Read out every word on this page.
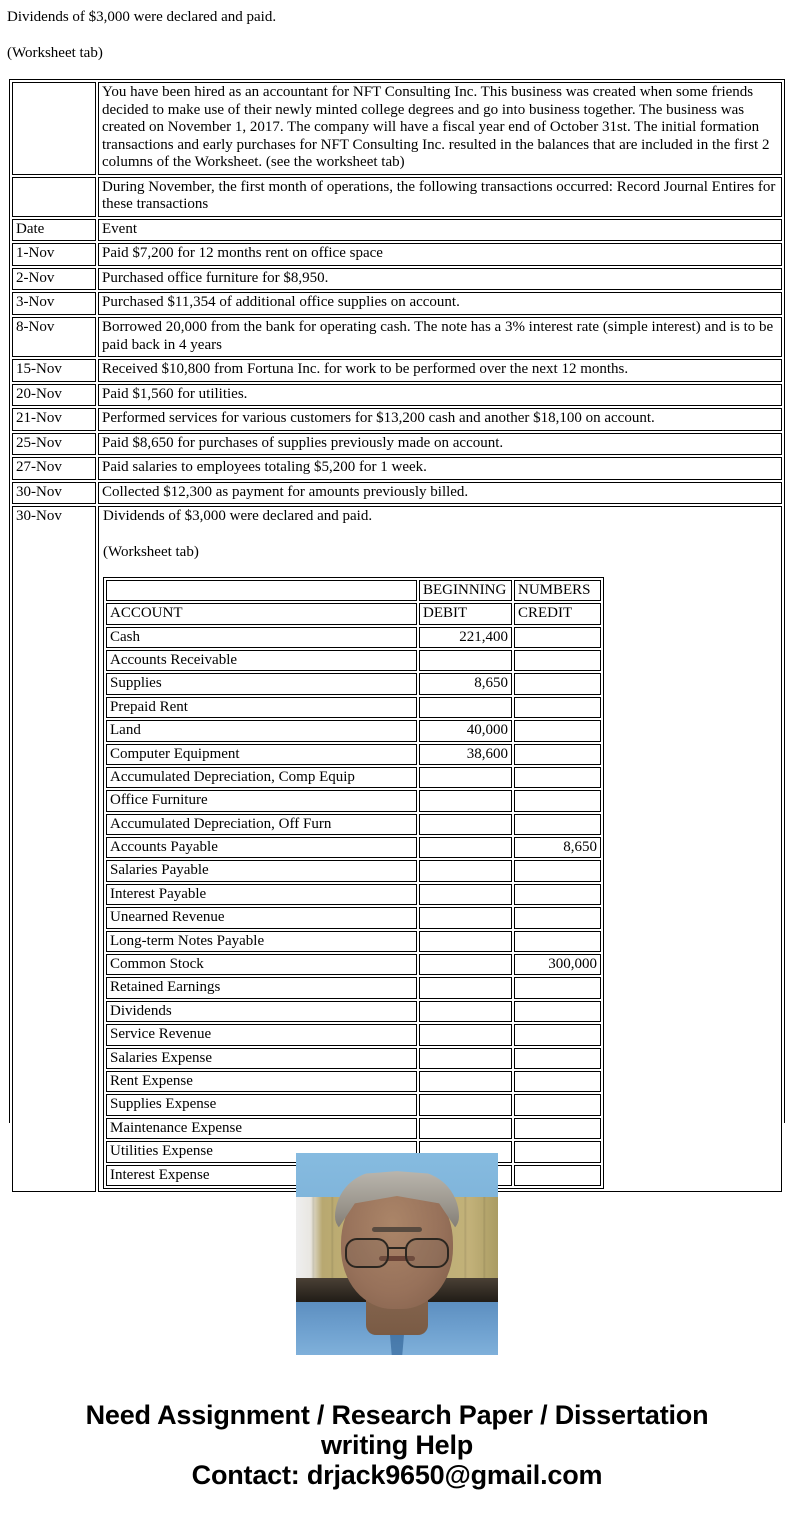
Dividends of $3,000 were declared and paid.

(Worksheet tab)

	You have been hired as an accountant for NFT Consulting Inc. This business was created when some friends decided to make use of their newly minted college degrees and go into business together. The business was created on November 1, 2017. The company will have a fiscal year end of October 31st. The initial formation transactions and early purchases for NFT Consulting Inc. resulted in the balances that are included in the first 2 columns of the Worksheet. (see the worksheet tab)
	During November, the first month of operations, the following transactions occurred: Record Journal Entires for these transactions
Date	Event
1-Nov	Paid $7,200 for 12 months rent on office space
2-Nov	Purchased office furniture for $8,950.
3-Nov	Purchased $11,354 of additional office supplies on account.
8-Nov	Borrowed 20,000 from the bank for operating cash. The note has a 3% interest rate (simple interest) and is to be paid back in 4 years
15-Nov	Received $10,800 from Fortuna Inc. for work to be performed over the next 12 months.
20-Nov	Paid $1,560 for utilities.
21-Nov	Performed services for various customers for $13,200 cash and another $18,100 on account.
25-Nov	Paid $8,650 for purchases of supplies previously made on account.
27-Nov	Paid salaries to employees totaling $5,200 for 1 week.
30-Nov	Collected $12,300 as payment for amounts previously billed.
30-Nov	Dividends of $3,000 were declared and paid.

(Worksheet tab)

	BEGINNING	NUMBERS
ACCOUNT	DEBIT	CREDIT
Cash	221,400	
Accounts Receivable		
Supplies	8,650	
Prepaid Rent		
Land	40,000	
Computer Equipment	38,600	
Accumulated Depreciation, Comp Equip		
Office Furniture		
Accumulated Depreciation, Off Furn		
Accounts Payable		8,650
Salaries Payable		
Interest Payable		
Unearned Revenue		
Long-term Notes Payable		
Common Stock		300,000
Retained Earnings		
Dividends		
Service Revenue		
Salaries Expense		
Rent Expense		
Supplies Expense		
Maintenance Expense		
Utilities Expense		
Interest Expense		
Need Assignment / Research Paper / Dissertation
writing Help
Contact: drjack9650@gmail.com
